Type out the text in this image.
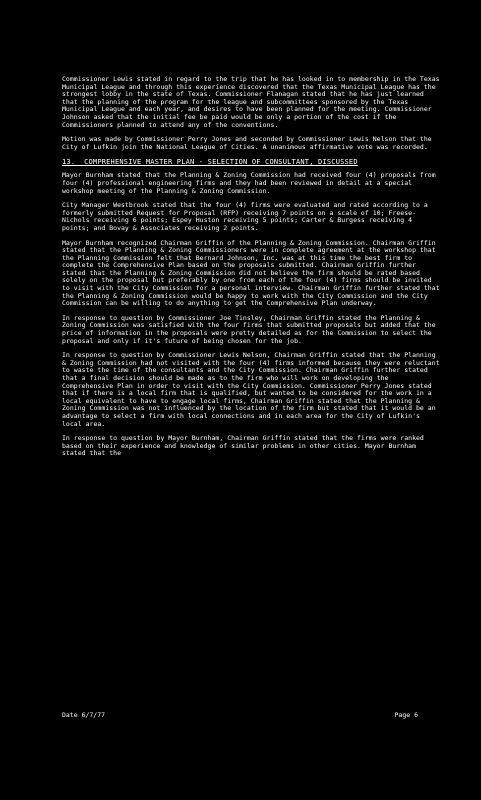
Commissioner Lewis stated in regard to the trip that he has looked in to membership in the Texas Municipal League and through this experience discovered that the Texas Municipal League has the strongest lobby in the state of Texas. Commissioner Flanagan stated that he has just learned that the planning of the program for the league and subcommittees sponsored by the Texas Municipal League and each year, and desires to have been planned for the meeting. Commissioner Johnson asked that the initial fee be paid would be only a portion of the cost if the Commissioners planned to attend any of the conventions.

Motion was made by Commissioner Perry Jones and seconded by Commissioner Lewis Nelson that the City of Lufkin join the National League of Cities. A unanimous affirmative vote was recorded.

13.  COMPREHENSIVE MASTER PLAN - SELECTION OF CONSULTANT, DISCUSSED

Mayor Burnham stated that the Planning & Zoning Commission had received four (4) proposals from four (4) professional engineering firms and they had been reviewed in detail at a special workshop meeting of the Planning & Zoning Commission.

City Manager Westbrook stated that the four (4) firms were evaluated and rated according to a formerly submitted Request for Proposal (RFP) receiving 7 points on a scale of 10; Freese-Nichols receiving 6 points; Espey Huston receiving 5 points; Carter & Burgess receiving 4 points; and Bovay & Associates receiving 2 points.

Mayor Burnham recognized Chairman Griffin of the Planning & Zoning Commission. Chairman Griffin stated that the Planning & Zoning Commissioners were in complete agreement at the workshop that the Planning Commission felt that Bernard Johnson, Inc. was at this time the best firm to complete the Comprehensive Plan based on the proposals submitted. Chairman Griffin further stated that the Planning & Zoning Commission did not believe the firm should be rated based solely on the proposal but preferably by one from each of the four (4) firms should be invited to visit with the City Commission for a personal interview. Chairman Griffin further stated that the Planning & Zoning Commission would be happy to work with the City Commission and the City Commission can be willing to do anything to get the Comprehensive Plan underway.

In response to question by Commissioner Joe Tinsley, Chairman Griffin stated the Planning & Zoning Commission was satisfied with the four firms that submitted proposals but added that the price of information in the proposals were pretty detailed as for the Commission to select the proposal and only if it's future of being chosen for the job.

In response to question by Commissioner Lewis Nelson, Chairman Griffin stated that the Planning & Zoning Commission had not visited with the four (4) firms informed because they were reluctant to waste the time of the consultants and the City Commission. Chairman Griffin further stated that a final decision should be made as to the firm who will work on developing the Comprehensive Plan in order to visit with the City Commission. Commissioner Perry Jones stated that if there is a local firm that is qualified, but wanted to be considered for the work in a local equivalent to have to engage local firms, Chairman Griffin stated that the Planning & Zoning Commission was not influenced by the location of the firm but stated that it would be an advantage to select a firm with local connections and in each area for the City of Lufkin's local area.

In response to question by Mayor Burnham, Chairman Griffin stated that the firms were ranked based on their experience and knowledge of similar problems in other cities. Mayor Burnham stated that the

Date 6/7/77	Page 6
